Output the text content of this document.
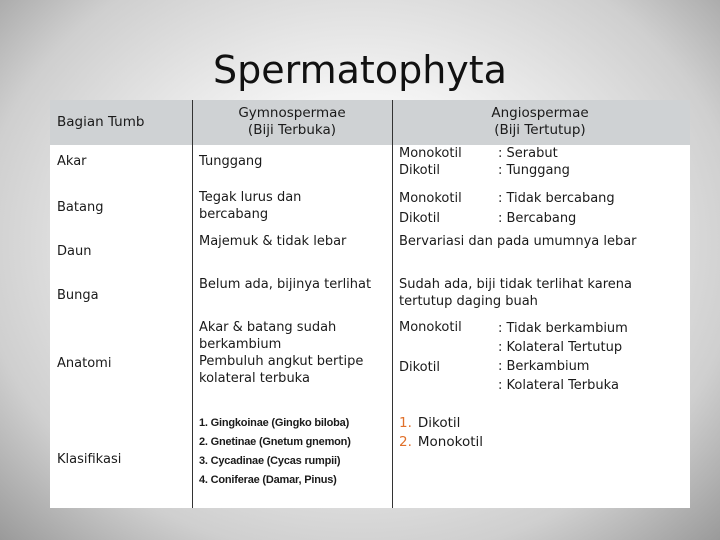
Spermatophyta
Bagian Tumb
Gymnospermae
(Biji Terbuka)
Angiospermae
(Biji Tertutup)
Akar	Tunggang
Monokotil
Dikotil
: Serabut
: Tunggang
Batang
Tegak lurus dan
bercabang
Monokotil
Dikotil
: Tidak bercabang
: Bercabang
Daun
Majemuk & tidak lebar	Bervariasi dan pada umumnya lebar
Bunga
Belum ada, bijinya terlihat Sudah ada, biji tidak terlihat karena
tertutup daging buah
Anatomi
Akar & batang sudah
berkambium
Pembuluh angkut bertipe
kolateral terbuka
Monokotil
Dikotil
: Tidak berkambium
: Kolateral Tertutup
: Berkambium
: Kolateral Terbuka
Klasifikasi
1. Gingkoinae (Gingko biloba)
2. Gnetinae (Gnetum gnemon)
3. Cycadinae (Cycas rumpii)
4. Coniferae (Damar, Pinus)
1. Dikotil
2. Monokotil
